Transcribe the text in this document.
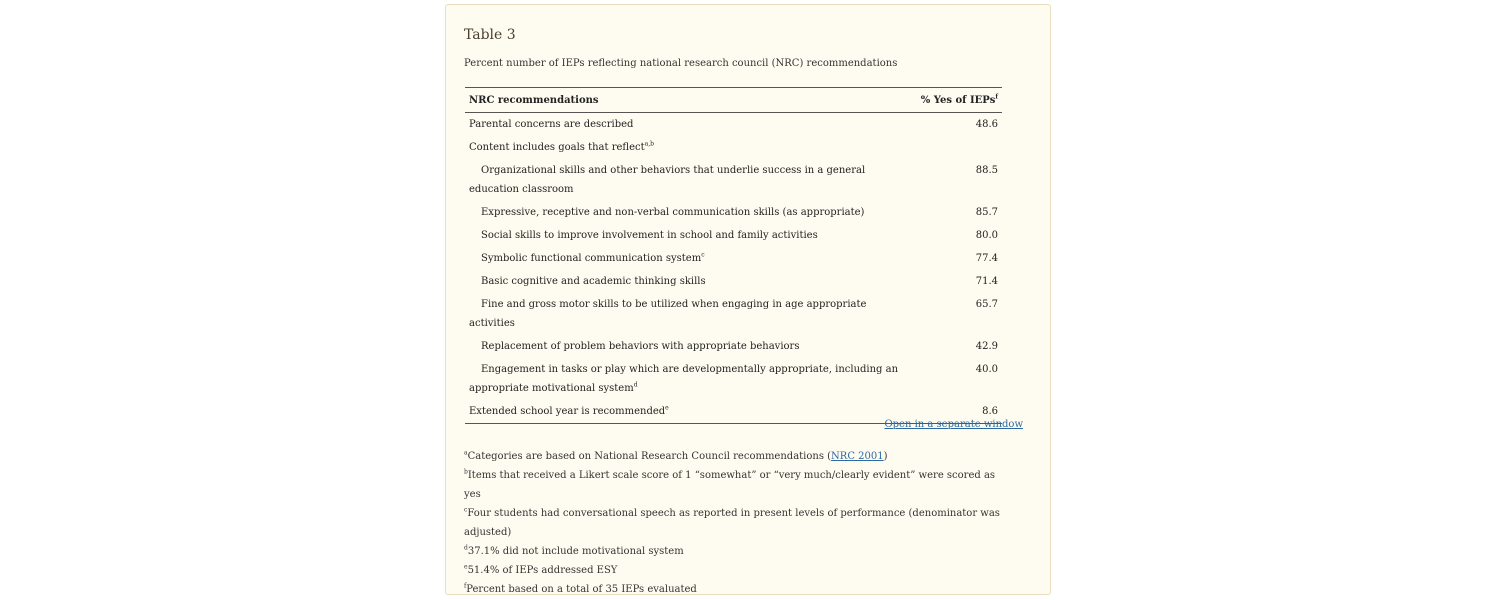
Table 3

Percent number of IEPs reflecting national research council (NRC) recommendations

NRC recommendations	% Yes of IEPs$^f$
Parental concerns are described	48.6
Content includes goals that reflect$^{a,b}$	
Organizational skills and other behaviors that underlie success in a general education classroom	88.5
Expressive, receptive and non-verbal communication skills (as appropriate)	85.7
Social skills to improve involvement in school and family activities	80.0
Symbolic functional communication system$^c$	77.4
Basic cognitive and academic thinking skills	71.4
Fine and gross motor skills to be utilized when engaging in age appropriate activities	65.7
Replacement of problem behaviors with appropriate behaviors	42.9
Engagement in tasks or play which are developmentally appropriate, including an appropriate motivational system$^d$	40.0
Extended school year is recommended$^e$	8.6
Open in a separate window

$^a$Categories are based on National Research Council recommendations (NRC 2001)

$^b$Items that received a Likert scale score of 1 “somewhat” or “very much/clearly evident” were scored as yes

$^c$Four students had conversational speech as reported in present levels of performance (denominator was adjusted)

$^d$37.1% did not include motivational system

$^e$51.4% of IEPs addressed ESY

$^f$Percent based on a total of 35 IEPs evaluated
